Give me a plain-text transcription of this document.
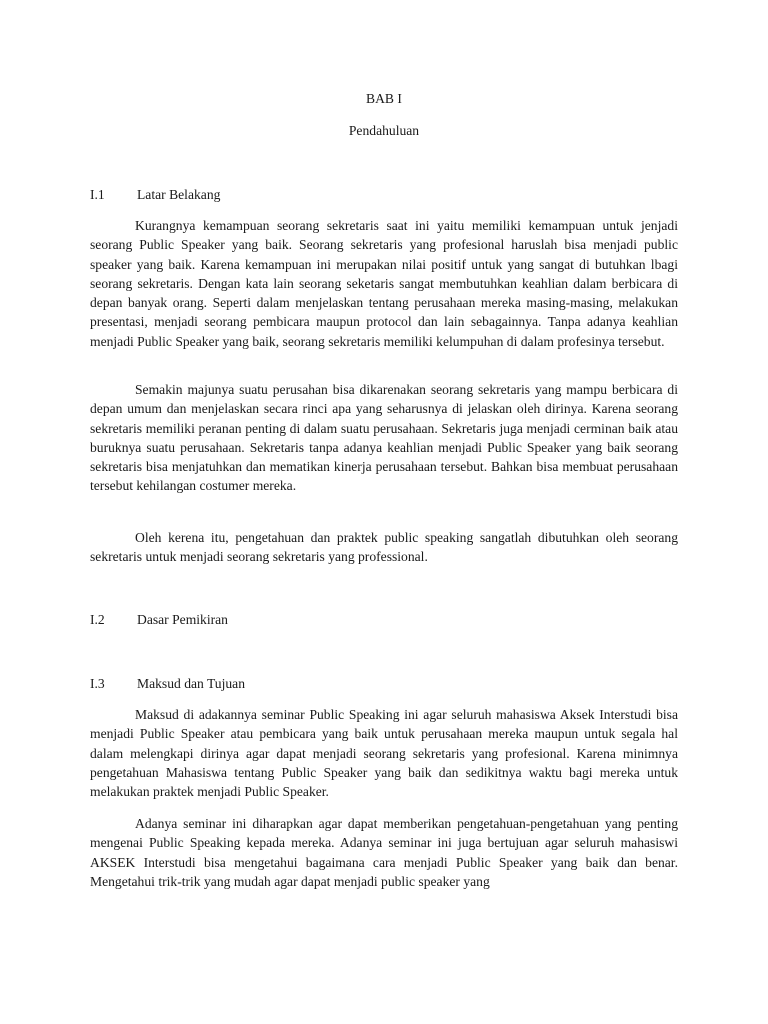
BAB I

Pendahuluan

I.1 Latar Belakang

Kurangnya kemampuan seorang sekretaris saat ini yaitu memiliki kemampuan untuk jenjadi seorang Public Speaker yang baik. Seorang sekretaris yang profesional haruslah bisa menjadi public speaker yang baik. Karena kemampuan ini merupakan nilai positif untuk yang sangat di butuhkan lbagi seorang sekretaris. Dengan kata lain seorang seketaris sangat membutuhkan keahlian dalam berbicara di depan banyak orang. Seperti dalam menjelaskan tentang perusahaan mereka masing-masing, melakukan presentasi, menjadi seorang pembicara maupun protocol dan lain sebagainnya. Tanpa adanya keahlian menjadi Public Speaker yang baik, seorang sekretaris memiliki kelumpuhan di dalam profesinya tersebut.

Semakin majunya suatu perusahan bisa dikarenakan seorang sekretaris yang mampu berbicara di depan umum dan menjelaskan secara rinci apa yang seharusnya di jelaskan oleh dirinya. Karena seorang sekretaris memiliki peranan penting di dalam suatu perusahaan. Sekretaris juga menjadi cerminan baik atau buruknya suatu perusahaan. Sekretaris tanpa adanya keahlian menjadi Public Speaker yang baik seorang sekretaris bisa menjatuhkan dan mematikan kinerja perusahaan tersebut. Bahkan bisa membuat perusahaan tersebut kehilangan costumer mereka.

Oleh kerena itu, pengetahuan dan praktek public speaking sangatlah dibutuhkan oleh seorang sekretaris untuk menjadi seorang sekretaris yang professional.

I.2 Dasar Pemikiran
I.3 Maksud dan Tujuan

Maksud di adakannya seminar Public Speaking ini agar seluruh mahasiswa Aksek Interstudi bisa menjadi Public Speaker atau pembicara yang baik untuk perusahaan mereka maupun untuk segala hal dalam melengkapi dirinya agar dapat menjadi seorang sekretaris yang profesional. Karena minimnya pengetahuan Mahasiswa tentang Public Speaker yang baik dan sedikitnya waktu bagi mereka untuk melakukan praktek menjadi Public Speaker.

Adanya seminar ini diharapkan agar dapat memberikan pengetahuan-pengetahuan yang penting mengenai Public Speaking kepada mereka. Adanya seminar ini juga bertujuan agar seluruh mahasiswi AKSEK Interstudi bisa mengetahui bagaimana cara menjadi Public Speaker yang baik dan benar. Mengetahui trik-trik yang mudah agar dapat menjadi public speaker yang
